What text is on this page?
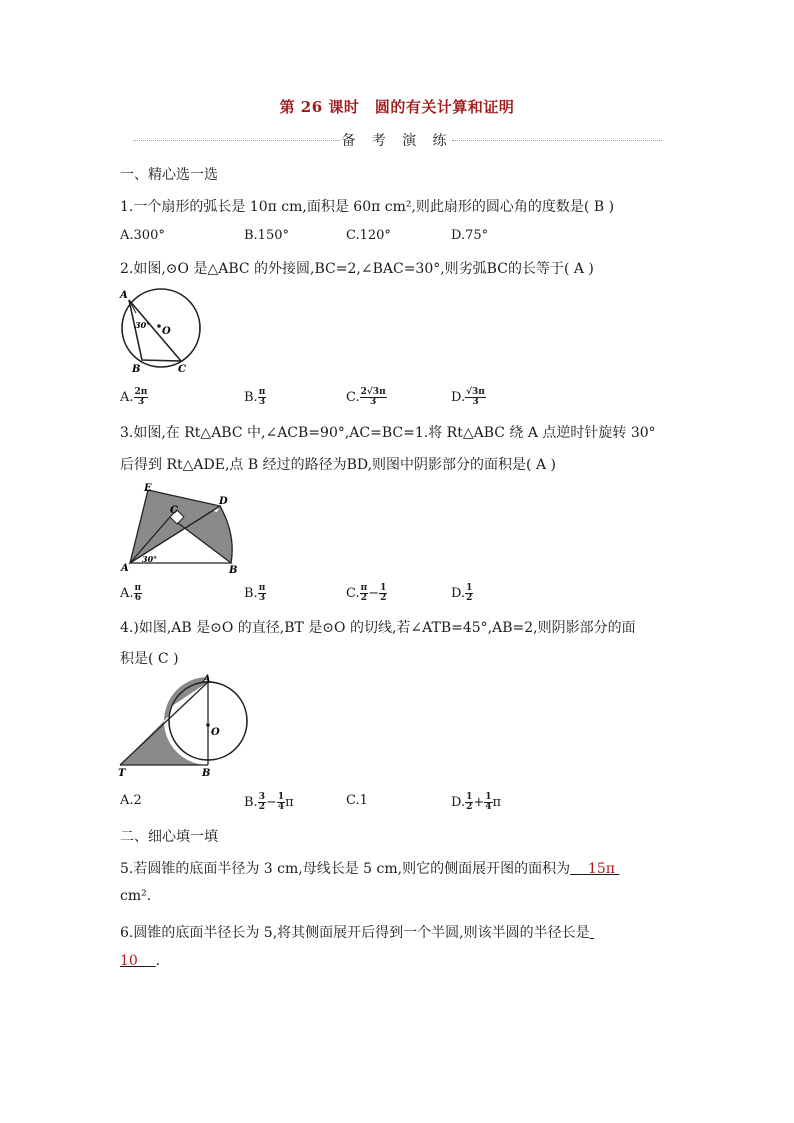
第 26 课时　圆的有关计算和证明
备 考 演 练
一、精心选一选
1.一个扇形的弧长是 10π cm,面积是 60π cm²,则此扇形的圆心角的度数是( B )
A.300°	B.150°	C.120°	D.75°
2.如图,⊙O 是△ABC 的外接圆,BC=2,∠BAC=30°,则劣弧BC的长等于( A )
A
B	C
O
30°
A. $\frac{2\pi}{3}$	B. $\frac{\pi}{3}$	C. $\frac{2√3\pi}{3}$	D. $\frac{√3\pi}{3}$
3.如图,在 Rt△ABC 中,∠ACB=90°,AC=BC=1.将 Rt△ABC 绕 A 点逆时针旋转 30°
后得到 Rt△ADE,点 B 经过的路径为BD,则图中阴影部分的面积是( A )
A	B
C
D
E
30°
A. $\frac{\pi}{6}$	B. $\frac{\pi}{3}$	C. $\frac{\pi}{2} - \frac{1}{2}$	D. $\frac{1}{2}$
4.)如图,AB 是⊙O 的直径,BT 是⊙O 的切线,若∠ATB=45°,AB=2,则阴影部分的面
积是( C )
A
B
T
O
A.2	B. $\frac{3}{2} - \frac{1}{4}$ π	C.1	D. $\frac{1}{2} + \frac{1}{4}$ π
二、细心填一填
5.若圆锥的底面半径为 3 cm,母线长是 5 cm,则它的侧面展开图的面积为 15π
cm².
6.圆锥的底面半径长为 5,将其侧面展开后得到一个半圆,则该半圆的半径长是
10 .
